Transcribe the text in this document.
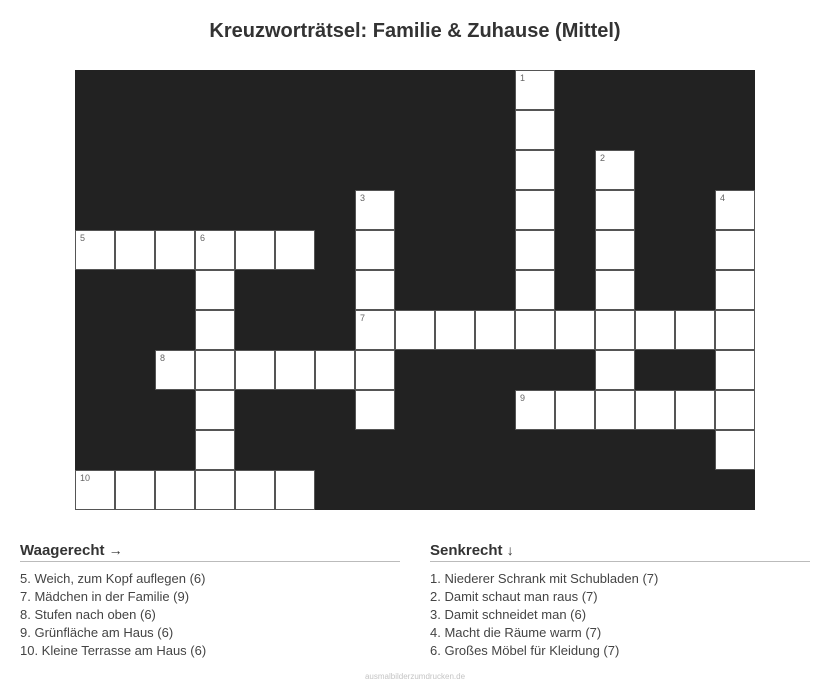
Kreuzworträtsel: Familie & Zuhause (Mittel)
1
2
3
7
4
5	6
8
9
10
Waagerecht →
5. Weich, zum Kopf auflegen (6)
7. Mädchen in der Familie (9)
8. Stufen nach oben (6)
9. Grünfläche am Haus (6)
10. Kleine Terrasse am Haus (6)
Senkrecht ↓
1. Niederer Schrank mit Schubladen (7)
2. Damit schaut man raus (7)
3. Damit schneidet man (6)
4. Macht die Räume warm (7)
6. Großes Möbel für Kleidung (7)
ausmalbilderzumdrucken.de
